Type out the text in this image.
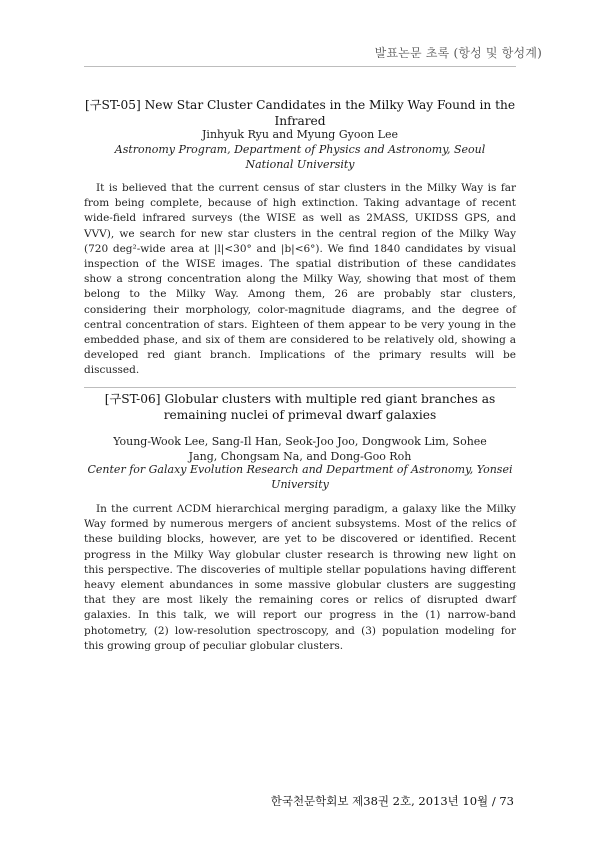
발표논문 초록 (항성 및 항성계)
[구ST-05] New Star Cluster Candidates in the Milky Way Found in the Infrared
Jinhyuk Ryu and Myung Gyoon Lee
Astronomy Program, Department of Physics and Astronomy, Seoul National University
It is believed that the current census of star clusters in the Milky Way is far from being complete, because of high extinction. Taking advantage of recent wide-field infrared surveys (the WISE as well as 2MASS, UKIDSS GPS, and VVV), we search for new star clusters in the central region of the Milky Way (720 deg²-wide area at |l|<30° and |b|<6°). We find 1840 candidates by visual inspection of the WISE images. The spatial distribution of these candidates show a strong concentration along the Milky Way, showing that most of them belong to the Milky Way. Among them, 26 are probably star clusters, considering their morphology, color-magnitude diagrams, and the degree of central concentration of stars. Eighteen of them appear to be very young in the embedded phase, and six of them are considered to be relatively old, showing a developed red giant branch. Implications of the primary results will be discussed.
[구ST-06] Globular clusters with multiple red giant branches as remaining nuclei of primeval dwarf galaxies
Young-Wook Lee, Sang-Il Han, Seok-Joo Joo, Dongwook Lim, Sohee Jang, Chongsam Na, and Dong-Goo Roh
Center for Galaxy Evolution Research and Department of Astronomy, Yonsei University
In the current ΛCDM hierarchical merging paradigm, a galaxy like the Milky Way formed by numerous mergers of ancient subsystems. Most of the relics of these building blocks, however, are yet to be discovered or identified. Recent progress in the Milky Way globular cluster research is throwing new light on this perspective. The discoveries of multiple stellar populations having different heavy element abundances in some massive globular clusters are suggesting that they are most likely the remaining cores or relics of disrupted dwarf galaxies. In this talk, we will report our progress in the (1) narrow-band photometry, (2) low-resolution spectroscopy, and (3) population modeling for this growing group of peculiar globular clusters.
한국천문학회보 제38권 2호, 2013년 10월 / 73
